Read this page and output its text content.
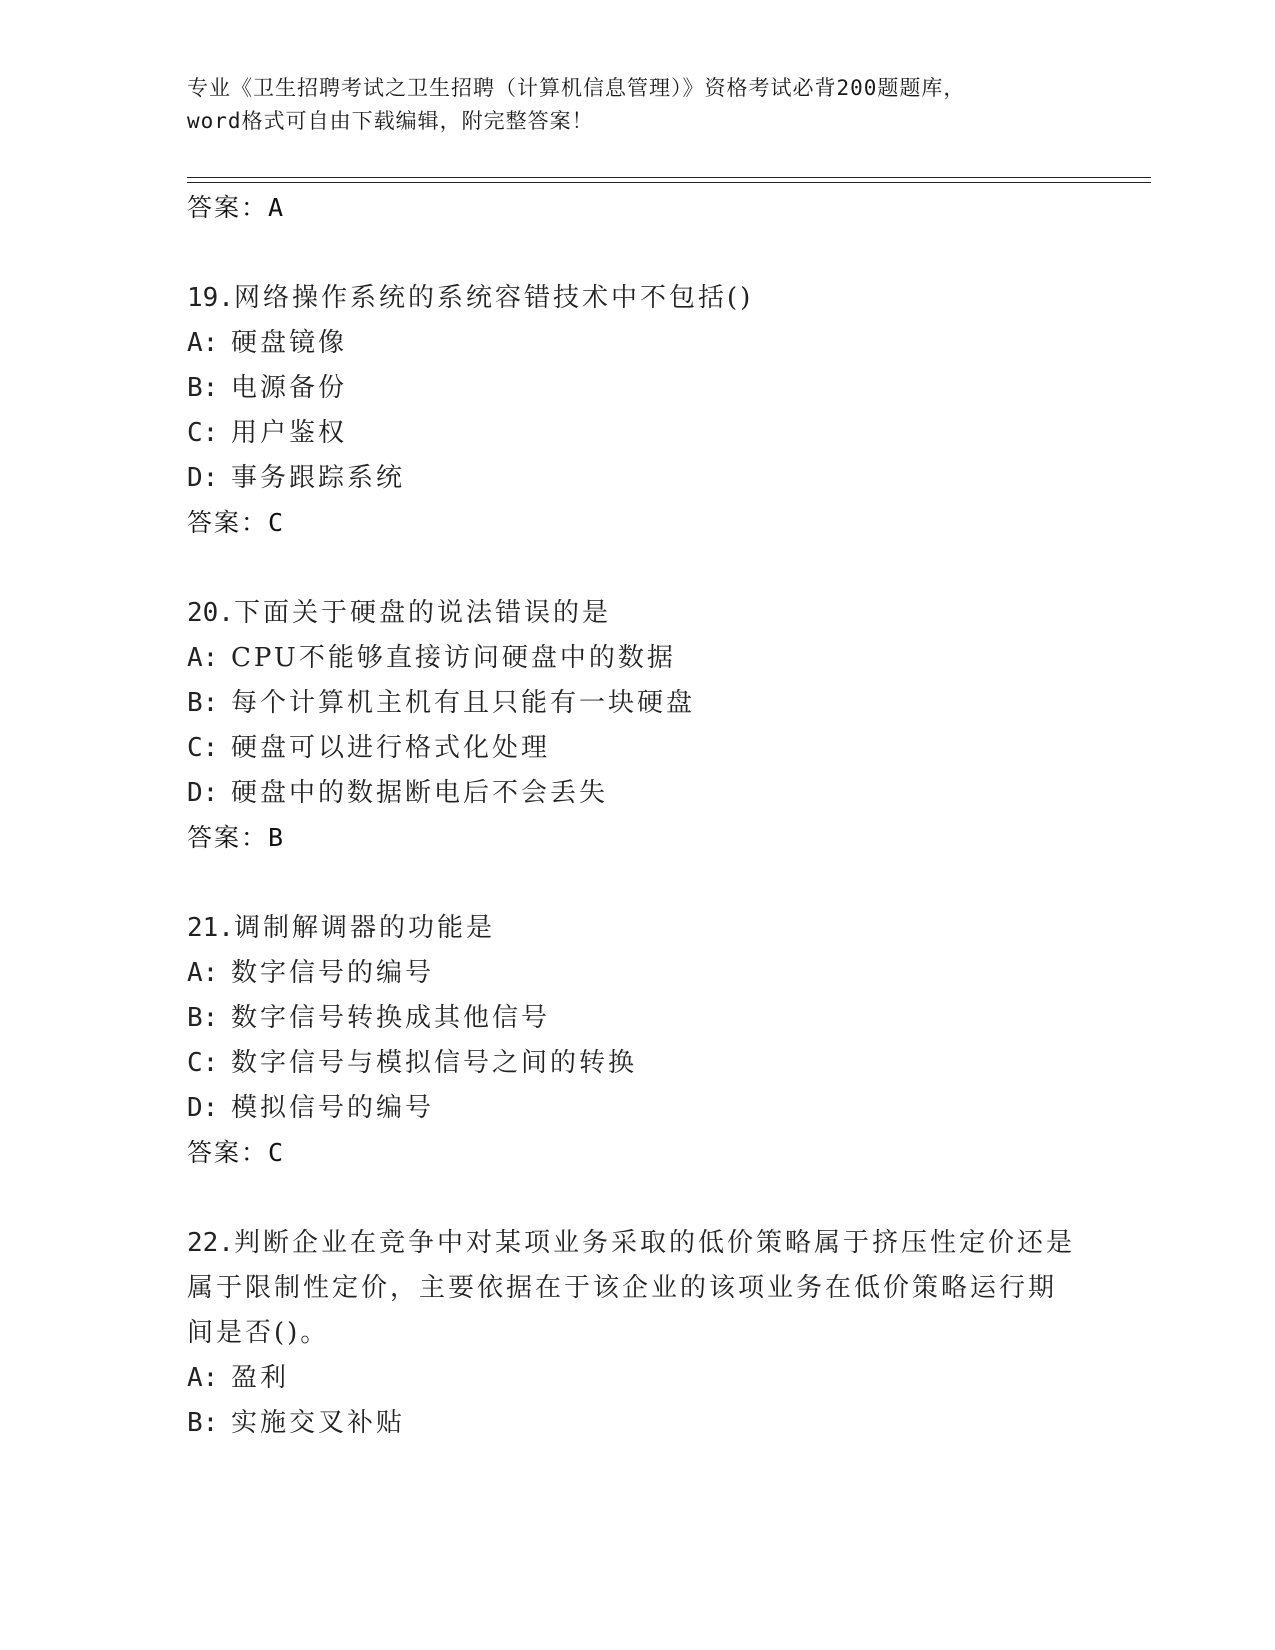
专业《卫生招聘考试之卫生招聘（计算机信息管理）》资格考试必背200题题库，
word格式可自由下载编辑，附完整答案！
答案：A
19.网络操作系统的系统容错技术中不包括()
A: 硬盘镜像
B: 电源备份
C: 用户鉴权
D: 事务跟踪系统
答案：C
20.下面关于硬盘的说法错误的是
A: CPU不能够直接访问硬盘中的数据
B: 每个计算机主机有且只能有一块硬盘
C: 硬盘可以进行格式化处理
D: 硬盘中的数据断电后不会丢失
答案：B
21.调制解调器的功能是
A: 数字信号的编号
B: 数字信号转换成其他信号
C: 数字信号与模拟信号之间的转换
D: 模拟信号的编号
答案：C
22.判断企业在竞争中对某项业务采取的低价策略属于挤压性定价还是
属于限制性定价，主要依据在于该企业的该项业务在低价策略运行期
间是否()。
A: 盈利
B: 实施交叉补贴
